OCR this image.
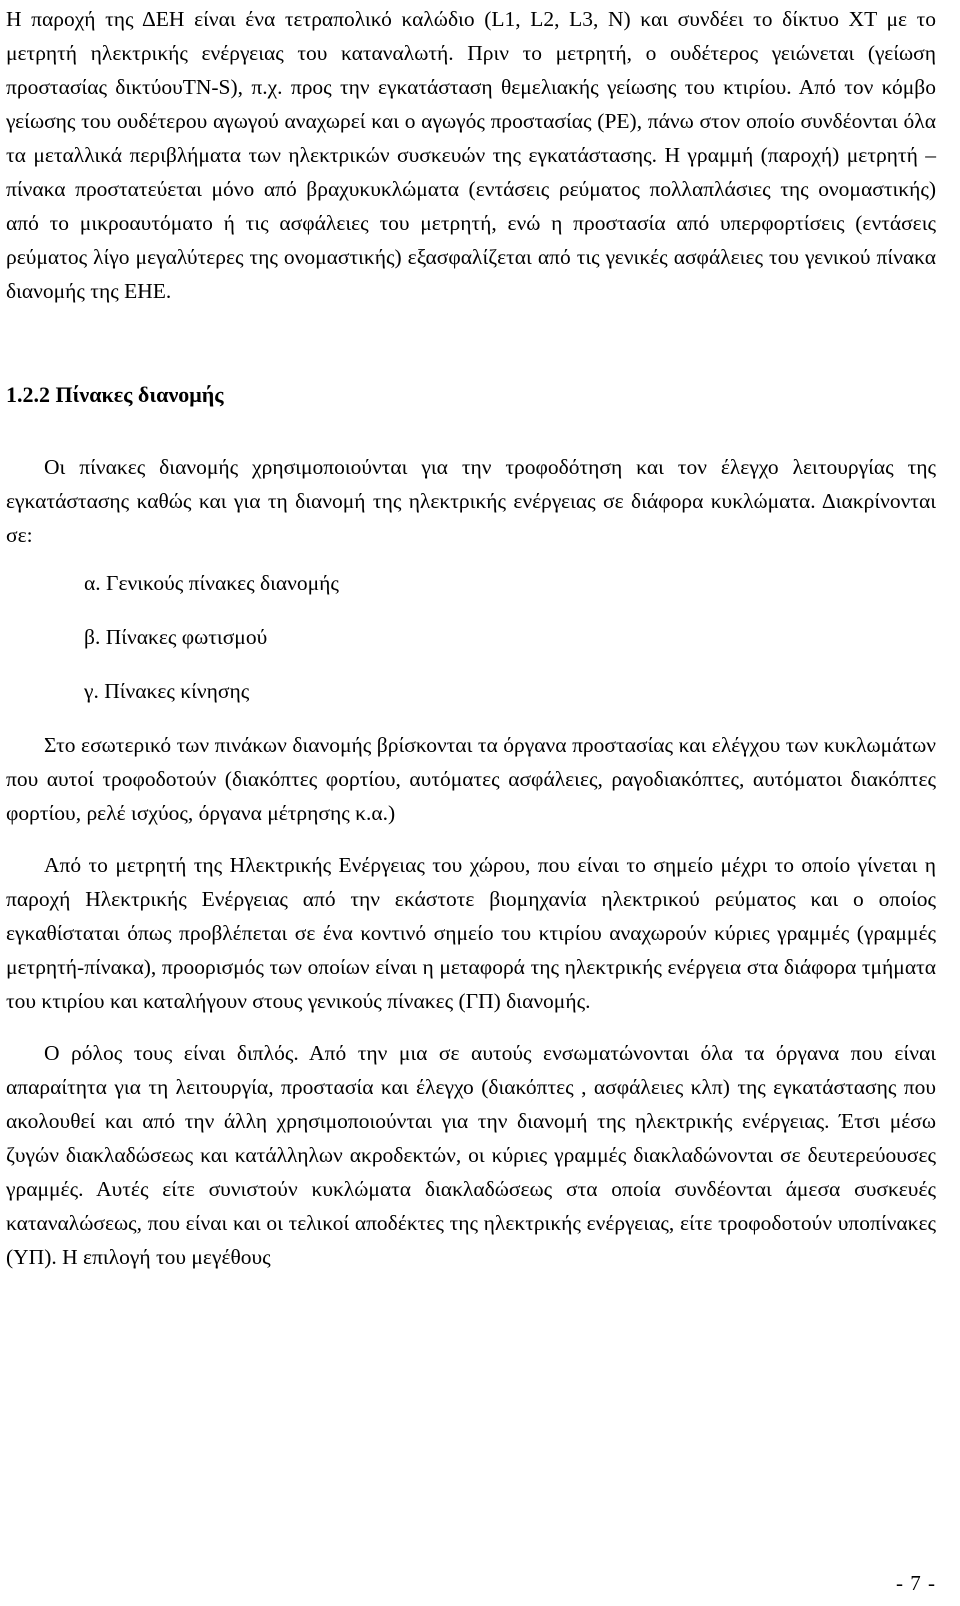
Η παροχή της ΔΕΗ είναι ένα τετραπολικό καλώδιο (L1, L2, L3, N) και συνδέει το δίκτυο ΧΤ με το μετρητή ηλεκτρικής ενέργειας του καταναλωτή. Πριν το μετρητή, ο ουδέτερος γειώνεται (γείωση προστασίας δικτύουTN-S), π.χ. προς την εγκατάσταση θεμελιακής γείωσης του κτιρίου. Από τον κόμβο γείωσης του ουδέτερου αγωγού αναχωρεί και ο αγωγός προστασίας (PE), πάνω στον οποίο συνδέονται όλα τα μεταλλικά περιβλήματα των ηλεκτρικών συσκευών της εγκατάστασης. Η γραμμή (παροχή) μετρητή – πίνακα προστατεύεται μόνο από βραχυκυκλώματα (εντάσεις ρεύματος πολλαπλάσιες της ονομαστικής) από το μικροαυτόματο ή τις ασφάλειες του μετρητή, ενώ η προστασία από υπερφορτίσεις (εντάσεις ρεύματος λίγο μεγαλύτερες της ονομαστικής) εξασφαλίζεται από τις γενικές ασφάλειες του γενικού πίνακα διανομής της ΕΗΕ.

1.2.2 Πίνακες διανομής

Οι πίνακες διανομής χρησιμοποιούνται για την τροφοδότηση και τον έλεγχο λειτουργίας της εγκατάστασης καθώς και για τη διανομή της ηλεκτρικής ενέργειας σε διάφορα κυκλώματα. Διακρίνονται σε:

α. Γενικούς πίνακες διανομής
β. Πίνακες φωτισμού
γ. Πίνακες κίνησης

Στο εσωτερικό των πινάκων διανομής βρίσκονται τα όργανα προστασίας και ελέγχου των κυκλωμάτων που αυτοί τροφοδοτούν (διακόπτες φορτίου, αυτόματες ασφάλειες, ραγοδιακόπτες, αυτόματοι διακόπτες φορτίου, ρελέ ισχύος, όργανα μέτρησης κ.α.)

Από το μετρητή της Ηλεκτρικής Ενέργειας του χώρου, που είναι το σημείο μέχρι το οποίο γίνεται η παροχή Ηλεκτρικής Ενέργειας από την εκάστοτε βιομηχανία ηλεκτρικού ρεύματος και ο οποίος εγκαθίσταται όπως προβλέπεται σε ένα κοντινό σημείο του κτιρίου αναχωρούν κύριες γραμμές (γραμμές μετρητή-πίνακα), προορισμός των οποίων είναι η μεταφορά της ηλεκτρικής ενέργεια στα διάφορα τμήματα του κτιρίου και καταλήγουν στους γενικούς πίνακες (ΓΠ) διανομής.

Ο ρόλος τους είναι διπλός. Από την μια σε αυτούς ενσωματώνονται όλα τα όργανα που είναι απαραίτητα για τη λειτουργία, προστασία και έλεγχο (διακόπτες , ασφάλειες κλπ) της εγκατάστασης που ακολουθεί και από την άλλη χρησιμοποιούνται για την διανομή της ηλεκτρικής ενέργειας. Έτσι μέσω ζυγών διακλαδώσεως και κατάλληλων ακροδεκτών, οι κύριες γραμμές διακλαδώνονται σε δευτερεύουσες γραμμές. Αυτές είτε συνιστούν κυκλώματα διακλαδώσεως στα οποία συνδέονται άμεσα συσκευές καταναλώσεως, που είναι και οι τελικοί αποδέκτες της ηλεκτρικής ενέργειας, είτε τροφοδοτούν υποπίνακες (ΥΠ). Η επιλογή του μεγέθους

- 7 -
